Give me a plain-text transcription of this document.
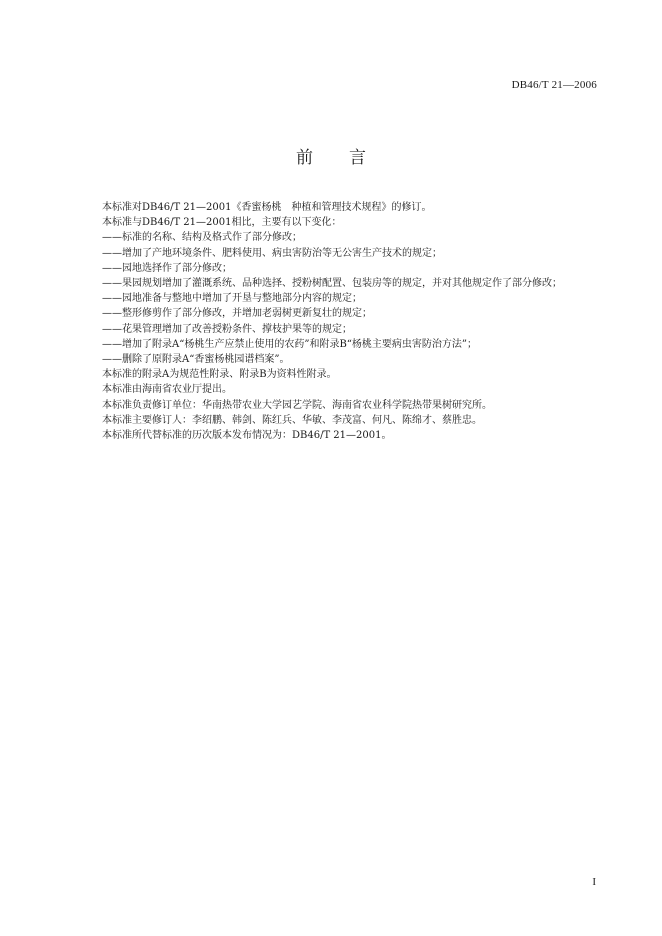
DB46/T 21—2006
前言

本标准对DB46/T 21—2001《香蜜杨桃　种植和管理技术规程》的修订。

本标准与DB46/T 21—2001相比，主要有以下变化：

——标准的名称、结构及格式作了部分修改；

——增加了产地环境条件、肥料使用、病虫害防治等无公害生产技术的规定；

——园地选择作了部分修改；

——果园规划增加了灌溉系统、品种选择、授粉树配置、包装房等的规定，并对其他规定作了部分修改；

——园地准备与整地中增加了开垦与整地部分内容的规定；

——整形修剪作了部分修改，并增加老弱树更新复壮的规定；

——花果管理增加了改善授粉条件、撑枝护果等的规定；

——增加了附录A“杨桃生产应禁止使用的农药”和附录B“杨桃主要病虫害防治方法”；

——删除了原附录A“香蜜杨桃园谱档案”。

本标准的附录A为规范性附录、附录B为资料性附录。

本标准由海南省农业厅提出。

本标准负责修订单位：华南热带农业大学园艺学院、海南省农业科学院热带果树研究所。

本标准主要修订人：李绍鹏、韩剑、陈红兵、华敏、李茂富、何凡、陈绵才、蔡胜忠。

本标准所代替标准的历次版本发布情况为：DB46/T 21—2001。

I
